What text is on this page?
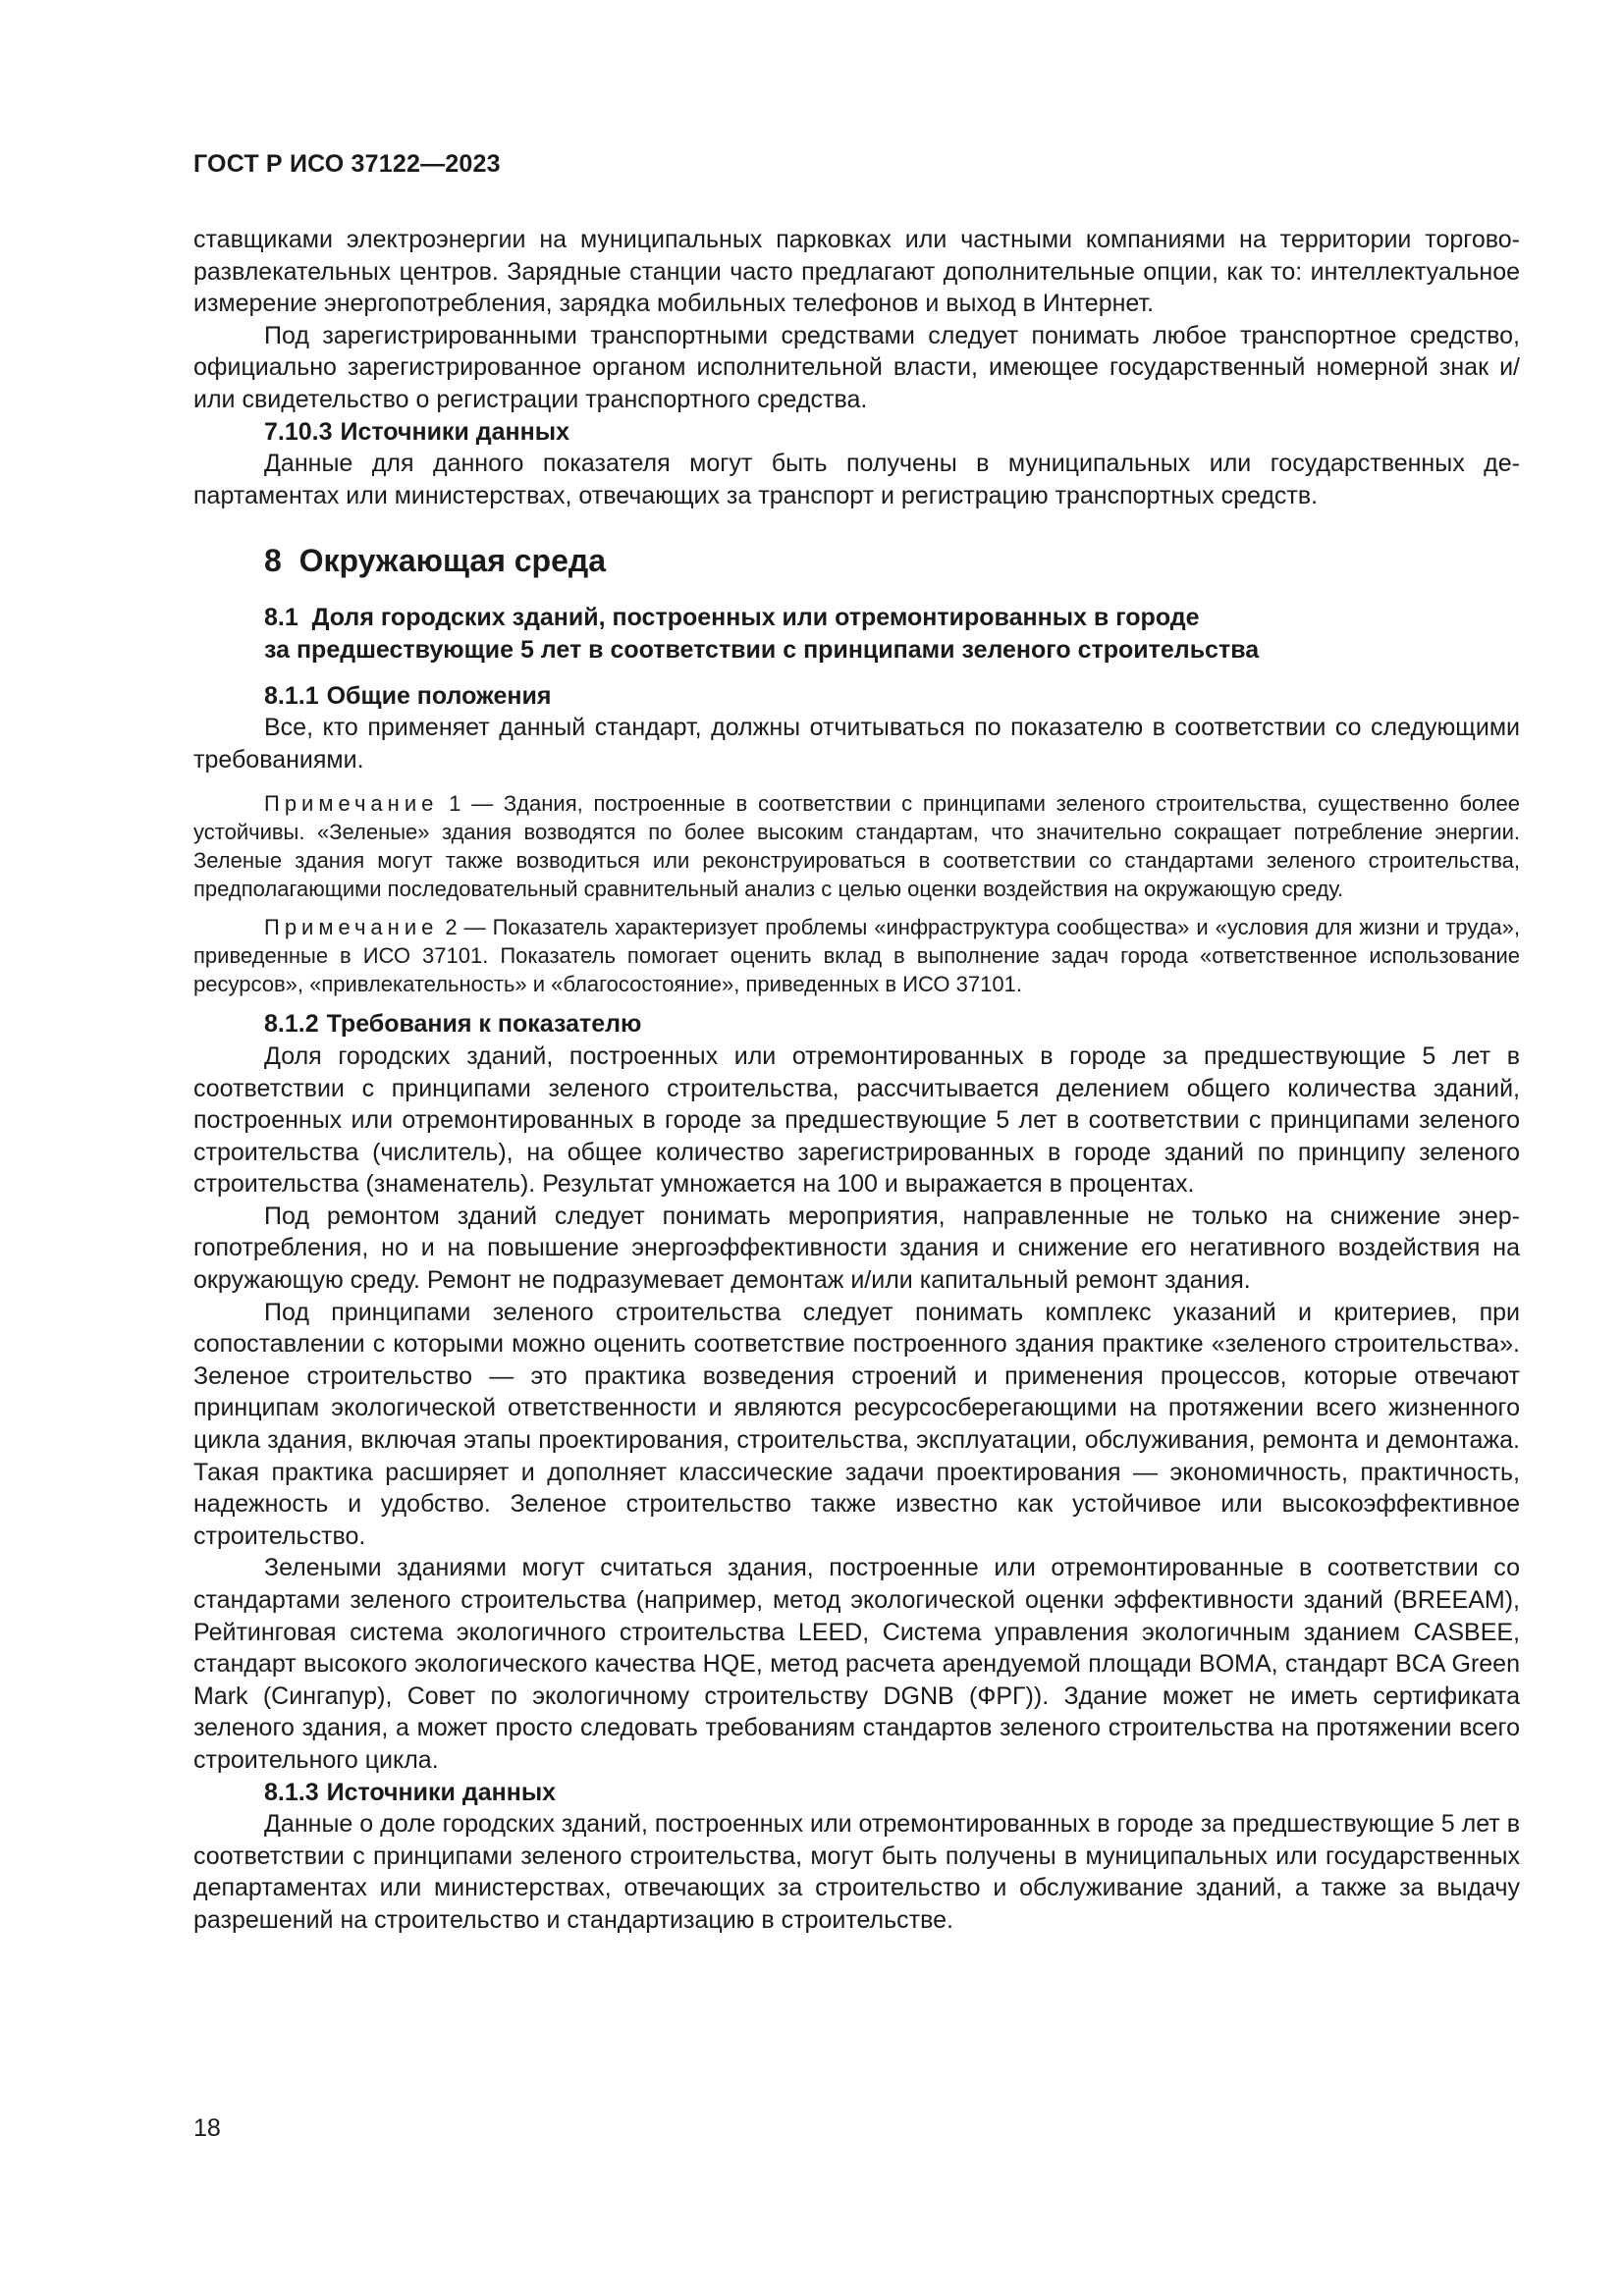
ГОСТ Р ИСО 37122—2023

ставщиками электроэнергии на муниципальных парковках или частными компаниями на территории торгово-развлекательных центров. Зарядные станции часто предлагают дополнительные опции, как то: интеллектуальное измерение энергопотребления, зарядка мобильных телефонов и выход в Интернет.

Под зарегистрированными транспортными средствами следует понимать любое транспортное средство, официально зарегистрированное органом исполнительной власти, имеющее государственный номерной знак и/или свидетельство о регистрации транспортного средства.

7.10.3 Источники данных

Данные для данного показателя могут быть получены в муниципальных или государственных департаментах или министерствах, отвечающих за транспорт и регистрацию транспортных средств.

8 Окружающая среда
8.1 Доля городских зданий, построенных или отремонтированных в городе
за предшествующие 5 лет в соответствии с принципами зеленого строительства
8.1.1 Общие положения

Все, кто применяет данный стандарт, должны отчитываться по показателю в соответствии со следующими требованиями.

Примечание 1 — Здания, построенные в соответствии с принципами зеленого строительства, существенно более устойчивы. «Зеленые» здания возводятся по более высоким стандартам, что значительно сокращает потребление энергии. Зеленые здания могут также возводиться или реконструироваться в соответствии со стандартами зеленого строительства, предполагающими последовательный сравнительный анализ с целью оценки воздействия на окружающую среду.
Примечание 2 — Показатель характеризует проблемы «инфраструктура сообщества» и «условия для жизни и труда», приведенные в ИСО 37101. Показатель помогает оценить вклад в выполнение задач города «ответственное использование ресурсов», «привлекательность» и «благосостояние», приведенных в ИСО 37101.
8.1.2 Требования к показателю

Доля городских зданий, построенных или отремонтированных в городе за предшествующие 5 лет в соответствии с принципами зеленого строительства, рассчитывается делением общего количества зданий, построенных или отремонтированных в городе за предшествующие 5 лет в соответствии с принципами зеленого строительства (числитель), на общее количество зарегистрированных в городе зданий по принципу зеленого строительства (знаменатель). Результат умножается на 100 и выражается в процентах.

Под ремонтом зданий следует понимать мероприятия, направленные не только на снижение энергопотребления, но и на повышение энергоэффективности здания и снижение его негативного воздействия на окружающую среду. Ремонт не подразумевает демонтаж и/или капитальный ремонт здания.

Под принципами зеленого строительства следует понимать комплекс указаний и критериев, при сопоставлении с которыми можно оценить соответствие построенного здания практике «зеленого строительства». Зеленое строительство — это практика возведения строений и применения процессов, которые отвечают принципам экологической ответственности и являются ресурсосберегающими на протяжении всего жизненного цикла здания, включая этапы проектирования, строительства, эксплуатации, обслуживания, ремонта и демонтажа. Такая практика расширяет и дополняет классические задачи проектирования — экономичность, практичность, надежность и удобство. Зеленое строительство также известно как устойчивое или высокоэффективное строительство.

Зелеными зданиями могут считаться здания, построенные или отремонтированные в соответствии со стандартами зеленого строительства (например, метод экологической оценки эффективности зданий (BREEAM), Рейтинговая система экологичного строительства LEED, Система управления экологичным зданием CASBEE, стандарт высокого экологического качества HQE, метод расчета арендуемой площади BOMA, стандарт BCA Green Mark (Сингапур), Совет по экологичному строительству DGNB (ФРГ)). Здание может не иметь сертификата зеленого здания, а может просто следовать требованиям стандартов зеленого строительства на протяжении всего строительного цикла.

8.1.3 Источники данных

Данные о доле городских зданий, построенных или отремонтированных в городе за предшествующие 5 лет в соответствии с принципами зеленого строительства, могут быть получены в муниципальных или государственных департаментах или министерствах, отвечающих за строительство и обслуживание зданий, а также за выдачу разрешений на строительство и стандартизацию в строительстве.

18
